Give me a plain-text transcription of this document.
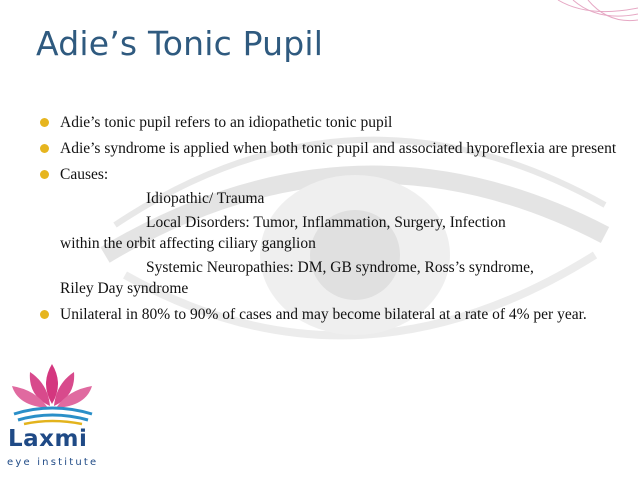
Adie’s Tonic Pupil
Adie’s tonic pupil refers to an idiopathetic tonic pupil
Adie’s syndrome is applied when both tonic pupil and associated hyporeflexia are present
Causes:
Idiopathic/ Trauma
Local Disorders: Tumor, Inflammation, Surgery, Infection
within the orbit affecting ciliary ganglion
Systemic Neuropathies: DM, GB syndrome, Ross’s syndrome,
Riley Day syndrome
Unilateral in 80% to 90% of cases and may become bilateral at a rate of 4% per year.
Laxmi
eye institute
